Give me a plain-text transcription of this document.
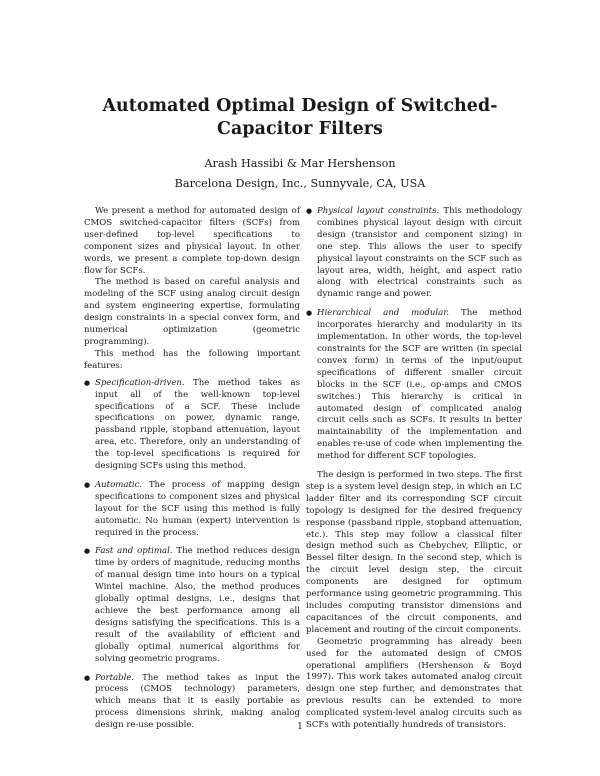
Automated Optimal Design of Switched-Capacitor Filters
Arash Hassibi & Mar Hershenson
Barcelona Design, Inc., Sunnyvale, CA, USA

We present a method for automated design of CMOS switched-capacitor filters (SCFs) from user-defined top-level specifications to component sizes and physical layout. In other words, we present a complete top-down design flow for SCFs.

The method is based on careful analysis and modeling of the SCF using analog circuit design and system engineering expertise, formulating design constraints in a special convex form, and numerical optimization (geometric programming).

This method has the following important features:

● Specification-driven. The method takes as input all of the well-known top-level specifications of a SCF. These include specifications on power, dynamic range, passband ripple, stopband attenuation, layout area, etc. Therefore, only an understanding of the top-level specifications is required for designing SCFs using this method.
● Automatic. The process of mapping design specifications to component sizes and physical layout for the SCF using this method is fully automatic. No human (expert) intervention is required in the process.
● Fast and optimal. The method reduces design time by orders of magnitude, reducing months of manual design time into hours on a typical Wintel machine. Also, the method produces globally optimal designs, i.e., designs that achieve the best performance among all designs satisfying the specifications. This is a result of the availability of efficient and globally optimal numerical algorithms for solving geometric programs.
● Portable. The method takes as input the process (CMOS technology) parameters, which means that it is easily portable as process dimensions shrink, making analog design re-use possible.
● Physical layout constraints. This methodology combines physical layout design with circuit design (transistor and component sizing) in one step. This allows the user to specify physical layout constraints on the SCF such as layout area, width, height, and aspect ratio along with electrical constraints such as dynamic range and power.
● Hierarchical and modular. The method incorporates hierarchy and modularity in its implementation. In other words, the top-level constraints for the SCF are written (in special convex form) in terms of the input/ouput specifications of different smaller circuit blocks in the SCF (i.e., op-amps and CMOS switches.) This hierarchy is critical in automated design of complicated analog circuit cells such as SCFs. It results in better maintainability of the implementation and enables re-use of code when implementing the method for different SCF topologies.

The design is performed in two steps. The first step is a system level design step, in which an LC ladder filter and its corresponding SCF circuit topology is designed for the desired frequency response (passband ripple, stopband attenuation, etc.). This step may follow a classical filter design method such as Chebychev, Elliptic, or Bessel filter design. In the second step, which is the circuit level design step, the circuit components are designed for optimum performance using geometric programming. This includes computing transistor dimensions and capacitances of the circuit components, and placement and routing of the circuit components.

Geometric programming has already been used for the automated design of CMOS operational amplifiers (Hershenson & Boyd 1997). This work takes automated analog circuit design one step further, and demonstrates that previous results can be extended to more complicated system-level analog circuits such as SCFs with potentially hundreds of transistors.

1
